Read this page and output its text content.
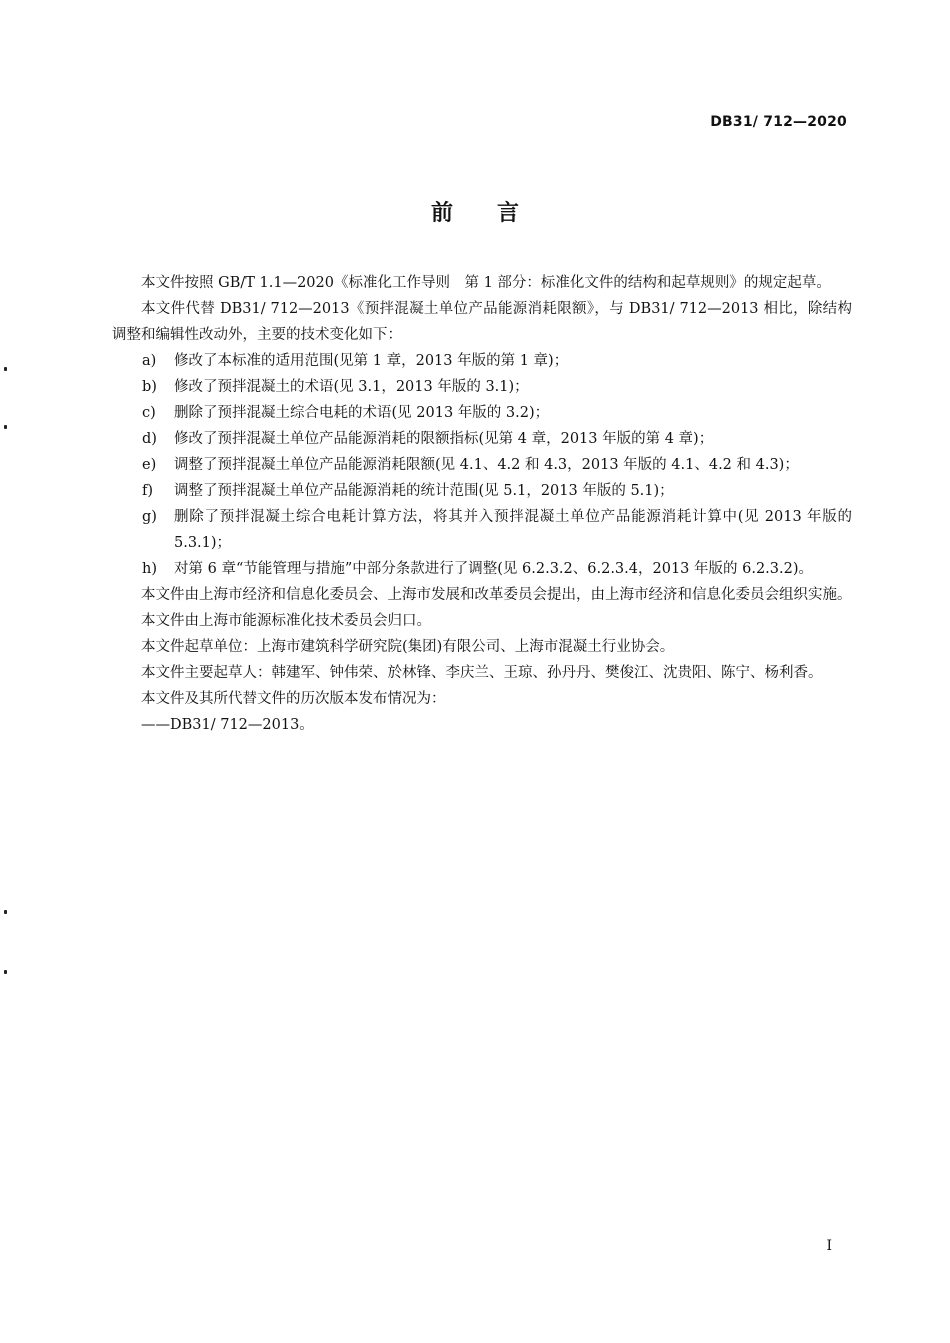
DB31/ 712—2020
前言

本文件按照 GB/T 1.1—2020《标准化工作导则　第 1 部分：标准化文件的结构和起草规则》的规定起草。

本文件代替 DB31/ 712—2013《预拌混凝土单位产品能源消耗限额》，与 DB31/ 712—2013 相比，除结构调整和编辑性改动外，主要的技术变化如下：

a) 修改了本标准的适用范围(见第 1 章，2013 年版的第 1 章)；
b) 修改了预拌混凝土的术语(见 3.1，2013 年版的 3.1)；
c) 删除了预拌混凝土综合电耗的术语(见 2013 年版的 3.2)；
d) 修改了预拌混凝土单位产品能源消耗的限额指标(见第 4 章，2013 年版的第 4 章)；
e) 调整了预拌混凝土单位产品能源消耗限额(见 4.1、4.2 和 4.3，2013 年版的 4.1、4.2 和 4.3)；
f) 调整了预拌混凝土单位产品能源消耗的统计范围(见 5.1，2013 年版的 5.1)；
g) 删除了预拌混凝土综合电耗计算方法，将其并入预拌混凝土单位产品能源消耗计算中(见 2013 年版的 5.3.1)；
h) 对第 6 章“节能管理与措施”中部分条款进行了调整(见 6.2.3.2、6.2.3.4，2013 年版的 6.2.3.2)。

本文件由上海市经济和信息化委员会、上海市发展和改革委员会提出，由上海市经济和信息化委员会组织实施。

本文件由上海市能源标准化技术委员会归口。

本文件起草单位：上海市建筑科学研究院(集团)有限公司、上海市混凝土行业协会。

本文件主要起草人：韩建军、钟伟荣、於林锋、李庆兰、王琼、孙丹丹、樊俊江、沈贵阳、陈宁、杨利香。

本文件及其所代替文件的历次版本发布情况为：

——DB31/ 712—2013。

I
